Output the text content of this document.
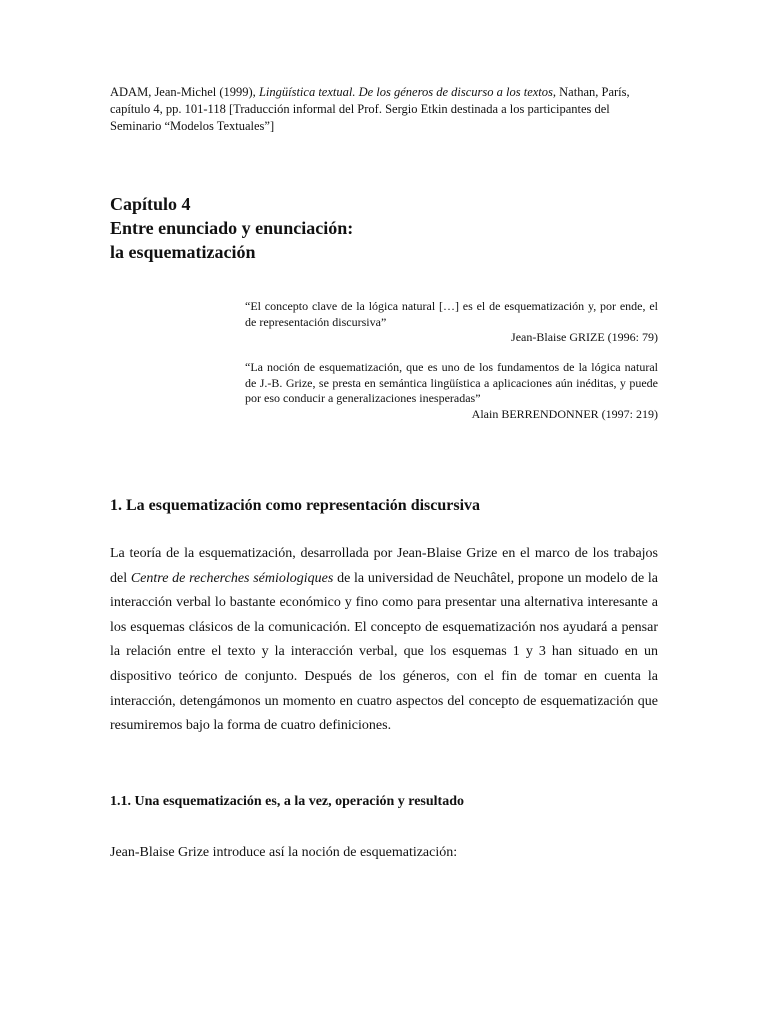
ADAM, Jean-Michel (1999), Lingüística textual. De los géneros de discurso a los textos, Nathan, París, capítulo 4, pp. 101-118 [Traducción informal del Prof. Sergio Etkin destinada a los participantes del Seminario “Modelos Textuales”]
Capítulo 4
Entre enunciado y enunciación:
la esquematización
“El concepto clave de la lógica natural […] es el de esquematización y, por ende, el de representación discursiva”
Jean-Blaise GRIZE (1996: 79)
“La noción de esquematización, que es uno de los fundamentos de la lógica natural de J.-B. Grize, se presta en semántica lingüística a aplicaciones aún inéditas, y puede por eso conducir a generalizaciones inesperadas”
Alain BERRENDONNER (1997: 219)
1. La esquematización como representación discursiva
La teoría de la esquematización, desarrollada por Jean-Blaise Grize en el marco de los trabajos del Centre de recherches sémiologiques de la universidad de Neuchâtel, propone un modelo de la interacción verbal lo bastante económico y fino como para presentar una alternativa interesante a los esquemas clásicos de la comunicación. El concepto de esquematización nos ayudará a pensar la relación entre el texto y la interacción verbal, que los esquemas 1 y 3 han situado en un dispositivo teórico de conjunto. Después de los géneros, con el fin de tomar en cuenta la interacción, detengámonos un momento en cuatro aspectos del concepto de esquematización que resumiremos bajo la forma de cuatro definiciones.
1.1. Una esquematización es, a la vez, operación y resultado
Jean-Blaise Grize introduce así la noción de esquematización:
